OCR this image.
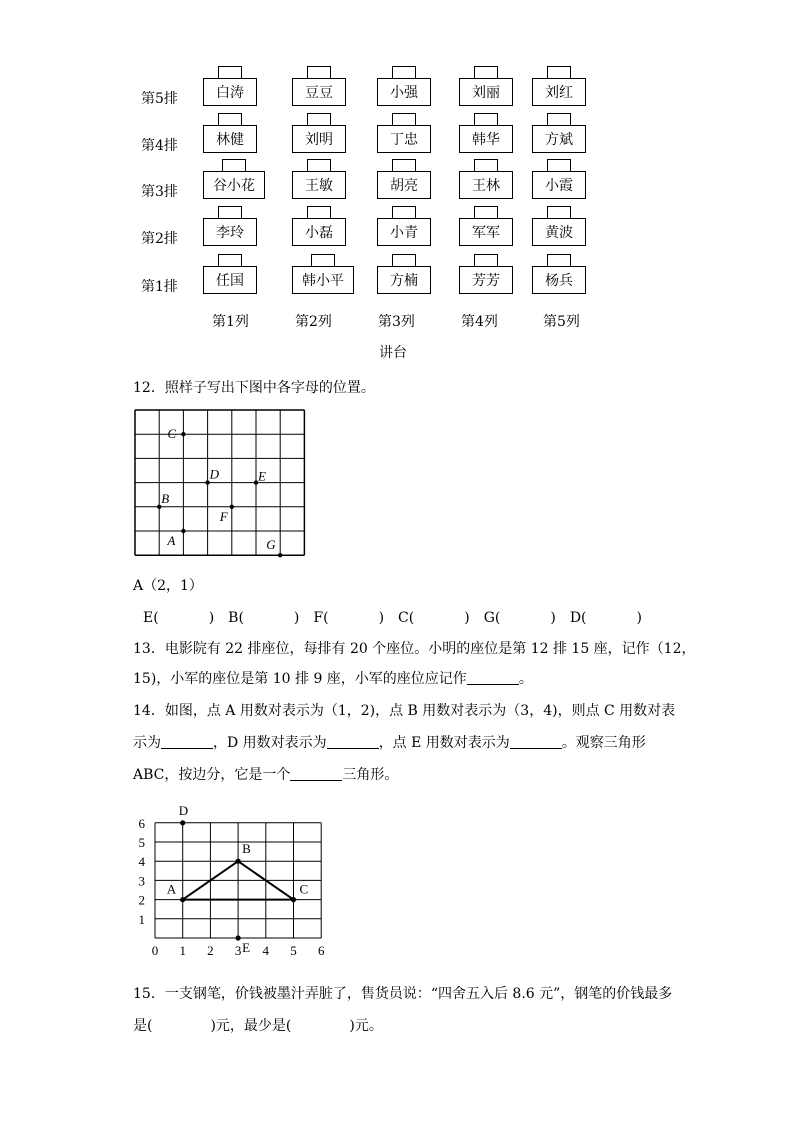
第5排	白涛	豆豆	小强	刘丽	刘红
第4排	林健	刘明	丁忠	韩华	方斌
第3排	谷小花	王敏	胡亮	王林	小霞
第2排	李玲	小磊	小青	军军	黄波
第1排	任国	韩小平	方楠	芳芳	杨兵
第1列	第2列	第3列	第4列	第5列
讲台
12．照样子写出下图中各字母的位置。
C
D	E
B
F
A	G
A（2，1）
E(	) B(	) F(	) C(	) G(	) D(	)
13．电影院有 22 排座位，每排有 20 个座位。小明的座位是第 12 排 15 座，记作（12，
15)，小军的座位是第 10 排 9 座，小军的座位应记作	。
14．如图，点 A 用数对表示为（1，2)，点 B 用数对表示为（3，4)，则点 C 用数对表
示为	，D 用数对表示为	，点 E 用数对表示为	。观察三角形
ABC，按边分，它是一个	三角形。
0 1 2 3 4 5 6
1
2
3
4
5
6
A
B
C
D
E
15．一支钢笔，价钱被墨汁弄脏了，售货员说：“四舍五入后 8.6 元”，钢笔的价钱最多
是(	)元，最少是(	)元。
